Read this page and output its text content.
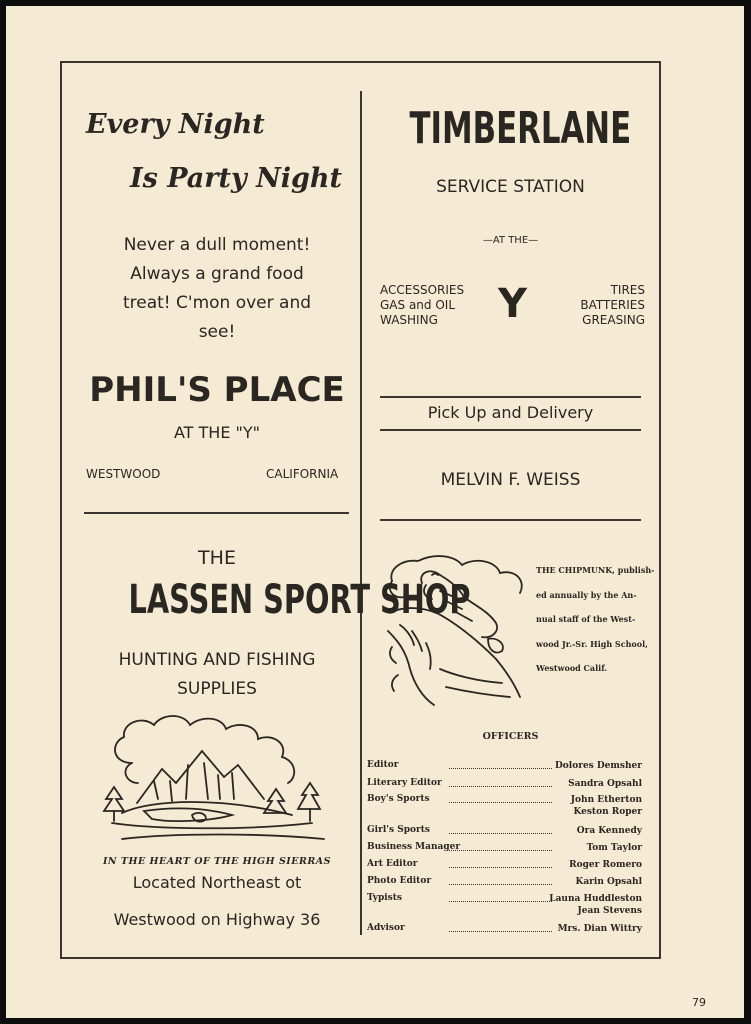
Every Night
Is Party Night
Never a dull moment!
Always a grand food
treat! C'mon over and
see!
PHIL'S PLACE
AT THE "Y"
WESTWOOD	CALIFORNIA
THE
LASSEN SPORT SHOP
HUNTING AND FISHING
SUPPLIES
IN THE HEART OF THE HIGH SIERRAS
Located Northeast ot
Westwood on Highway 36
TIMBERLANE
SERVICE STATION
—AT THE—
ACCESSORIES
GAS and OIL
WASHING	Y	TIRES
BATTERIES
GREASING
Pick Up and Delivery
MELVIN F. WEISS
THE CHIPMUNK, publish-
ed annually by the An-
nual staff of the West-
wood Jr.-Sr. High School,
Westwood Calif.
OFFICERS
Editor	Dolores Demsher
Literary Editor	Sandra Opsahl
Boy's Sports	John Etherton
Keston Roper
Girl's Sports	Ora Kennedy
Business Manager	Tom Taylor
Art Editor	Roger Romero
Photo Editor	Karin Opsahl
Typists	Launa Huddleston
Jean Stevens
Advisor	Mrs. Dian Wittry
79
